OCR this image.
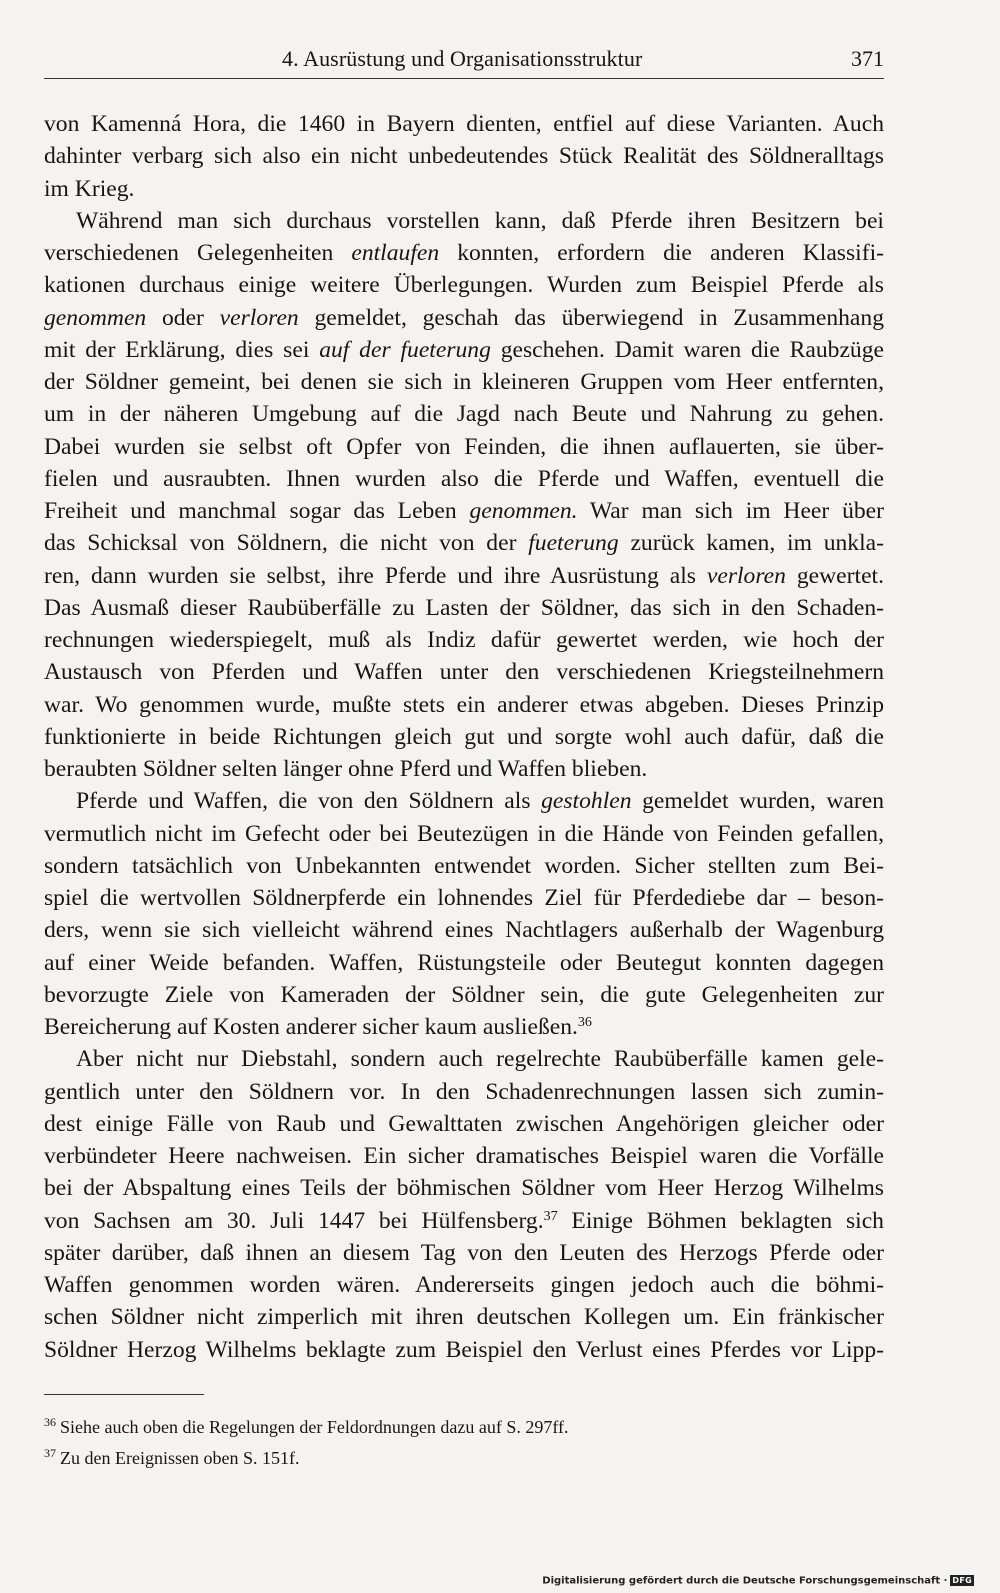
4. Ausrüstung und Organisationsstruktur	371
von Kamenná Hora, die 1460 in Bayern dienten, entfiel auf diese Varianten. Auch
dahinter verbarg sich also ein nicht unbedeutendes Stück Realität des Söldneralltags
im Krieg.
Während man sich durchaus vorstellen kann, daß Pferde ihren Besitzern bei
verschiedenen Gelegenheiten entlaufen konnten, erfordern die anderen Klassifi-
kationen durchaus einige weitere Überlegungen. Wurden zum Beispiel Pferde als
genommen oder verloren gemeldet, geschah das überwiegend in Zusammenhang
mit der Erklärung, dies sei auf der fueterung geschehen. Damit waren die Raubzüge
der Söldner gemeint, bei denen sie sich in kleineren Gruppen vom Heer entfernten,
um in der näheren Umgebung auf die Jagd nach Beute und Nahrung zu gehen.
Dabei wurden sie selbst oft Opfer von Feinden, die ihnen auflauerten, sie über-
fielen und ausraubten. Ihnen wurden also die Pferde und Waffen, eventuell die
Freiheit und manchmal sogar das Leben genommen. War man sich im Heer über
das Schicksal von Söldnern, die nicht von der fueterung zurück kamen, im unkla-
ren, dann wurden sie selbst, ihre Pferde und ihre Ausrüstung als verloren gewertet.
Das Ausmaß dieser Raubüberfälle zu Lasten der Söldner, das sich in den Schaden-
rechnungen wiederspiegelt, muß als Indiz dafür gewertet werden, wie hoch der
Austausch von Pferden und Waffen unter den verschiedenen Kriegsteilnehmern
war. Wo genommen wurde, mußte stets ein anderer etwas abgeben. Dieses Prinzip
funktionierte in beide Richtungen gleich gut und sorgte wohl auch dafür, daß die
beraubten Söldner selten länger ohne Pferd und Waffen blieben.
Pferde und Waffen, die von den Söldnern als gestohlen gemeldet wurden, waren
vermutlich nicht im Gefecht oder bei Beutezügen in die Hände von Feinden gefallen,
sondern tatsächlich von Unbekannten entwendet worden. Sicher stellten zum Bei-
spiel die wertvollen Söldnerpferde ein lohnendes Ziel für Pferdediebe dar – beson-
ders, wenn sie sich vielleicht während eines Nachtlagers außerhalb der Wagenburg
auf einer Weide befanden. Waffen, Rüstungsteile oder Beutegut konnten dagegen
bevorzugte Ziele von Kameraden der Söldner sein, die gute Gelegenheiten zur
Bereicherung auf Kosten anderer sicher kaum ausließen.$^{36}$
Aber nicht nur Diebstahl, sondern auch regelrechte Raubüberfälle kamen gele-
gentlich unter den Söldnern vor. In den Schadenrechnungen lassen sich zumin-
dest einige Fälle von Raub und Gewalttaten zwischen Angehörigen gleicher oder
verbündeter Heere nachweisen. Ein sicher dramatisches Beispiel waren die Vorfälle
bei der Abspaltung eines Teils der böhmischen Söldner vom Heer Herzog Wilhelms
von Sachsen am 30. Juli 1447 bei Hülfensberg.$^{37}$ Einige Böhmen beklagten sich
später darüber, daß ihnen an diesem Tag von den Leuten des Herzogs Pferde oder
Waffen genommen worden wären. Andererseits gingen jedoch auch die böhmi-
schen Söldner nicht zimperlich mit ihren deutschen Kollegen um. Ein fränkischer
Söldner Herzog Wilhelms beklagte zum Beispiel den Verlust eines Pferdes vor Lipp-
$^{36}$ Siehe auch oben die Regelungen der Feldordnungen dazu auf S. 297ff.
$^{37}$ Zu den Ereignissen oben S. 151f.
Digitalisierung gefördert durch die Deutsche Forschungsgemeinschaft · DFG
